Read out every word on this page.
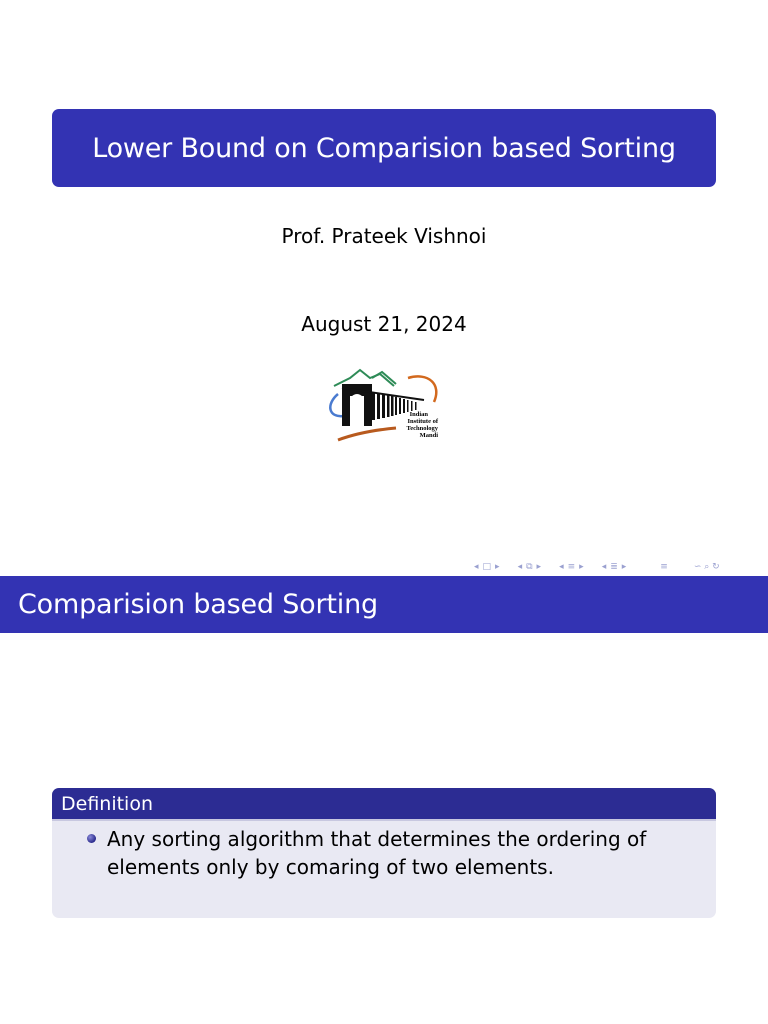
Lower Bound on Comparision based Sorting
Prof. Prateek Vishnoi
August 21, 2024
Indian
Institute of
Technology
Mandi
◂ □ ▸ ◂ ⧉ ▸ ◂ ≡ ▸ ◂ ≣ ▸	≡	∽ ⌕ ↻
Comparision based Sorting
Definition
Any sorting algorithm that determines the ordering of elements only by comaring of two elements.
